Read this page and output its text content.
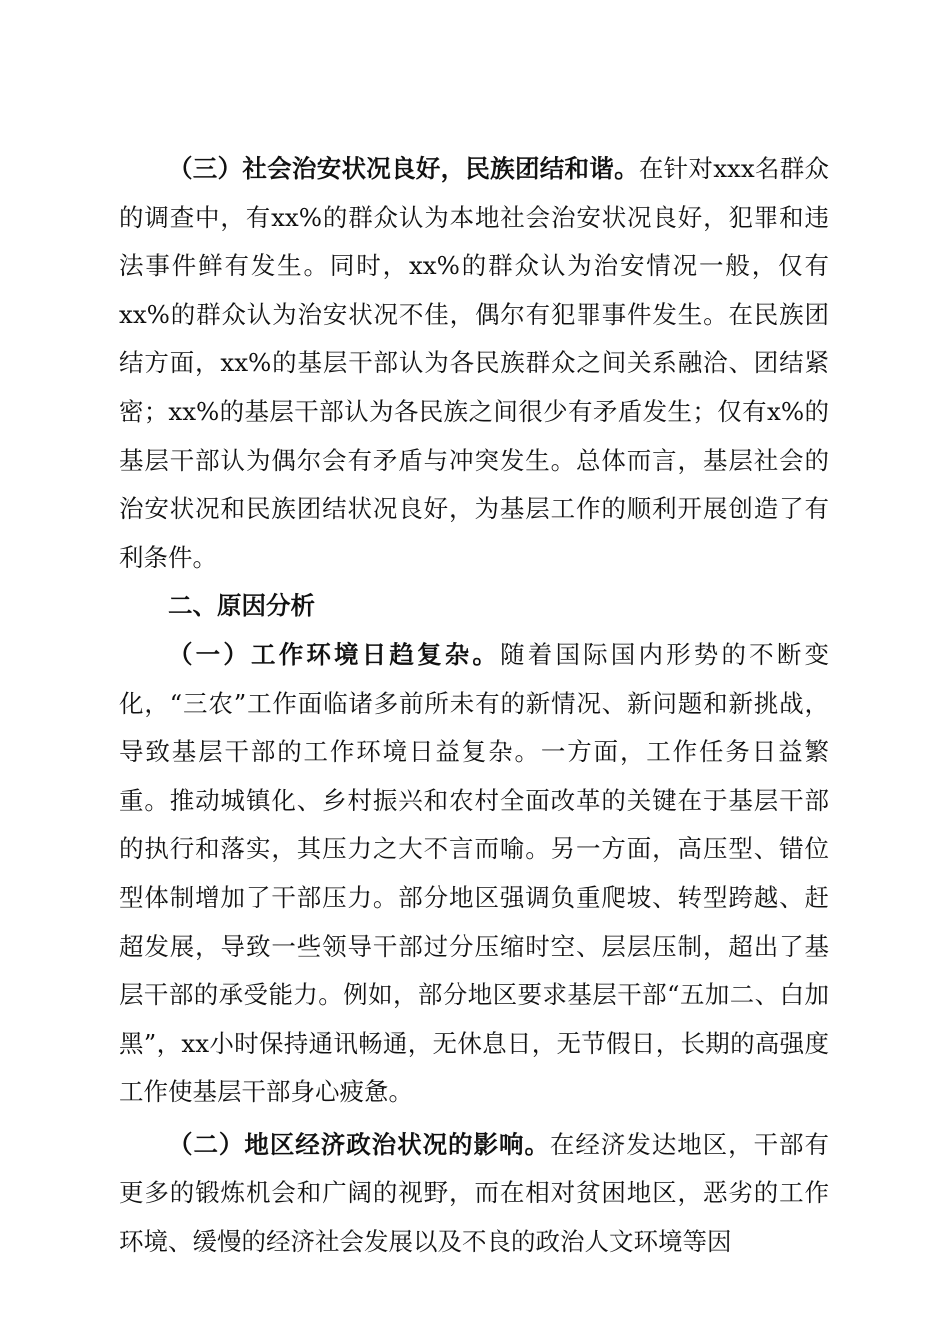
（三）社会治安状况良好，民族团结和谐。在针对xxx名群众的调查中，有xx%的群众认为本地社会治安状况良好，犯罪和违法事件鲜有发生。同时，xx%的群众认为治安情况一般，仅有xx%的群众认为治安状况不佳，偶尔有犯罪事件发生。在民族团结方面，xx%的基层干部认为各民族群众之间关系融洽、团结紧密；xx%的基层干部认为各民族之间很少有矛盾发生；仅有x%的基层干部认为偶尔会有矛盾与冲突发生。总体而言，基层社会的治安状况和民族团结状况良好，为基层工作的顺利开展创造了有利条件。

二、原因分析

（一）工作环境日趋复杂。随着国际国内形势的不断变化，“三农”工作面临诸多前所未有的新情况、新问题和新挑战，导致基层干部的工作环境日益复杂。一方面，工作任务日益繁重。推动城镇化、乡村振兴和农村全面改革的关键在于基层干部的执行和落实，其压力之大不言而喻。另一方面，高压型、错位型体制增加了干部压力。部分地区强调负重爬坡、转型跨越、赶超发展，导致一些领导干部过分压缩时空、层层压制，超出了基层干部的承受能力。例如，部分地区要求基层干部“五加二、白加黑”，xx小时保持通讯畅通，无休息日，无节假日，长期的高强度工作使基层干部身心疲惫。

（二）地区经济政治状况的影响。在经济发达地区，干部有更多的锻炼机会和广阔的视野，而在相对贫困地区，恶劣的工作环境、缓慢的经济社会发展以及不良的政治人文环境等因
